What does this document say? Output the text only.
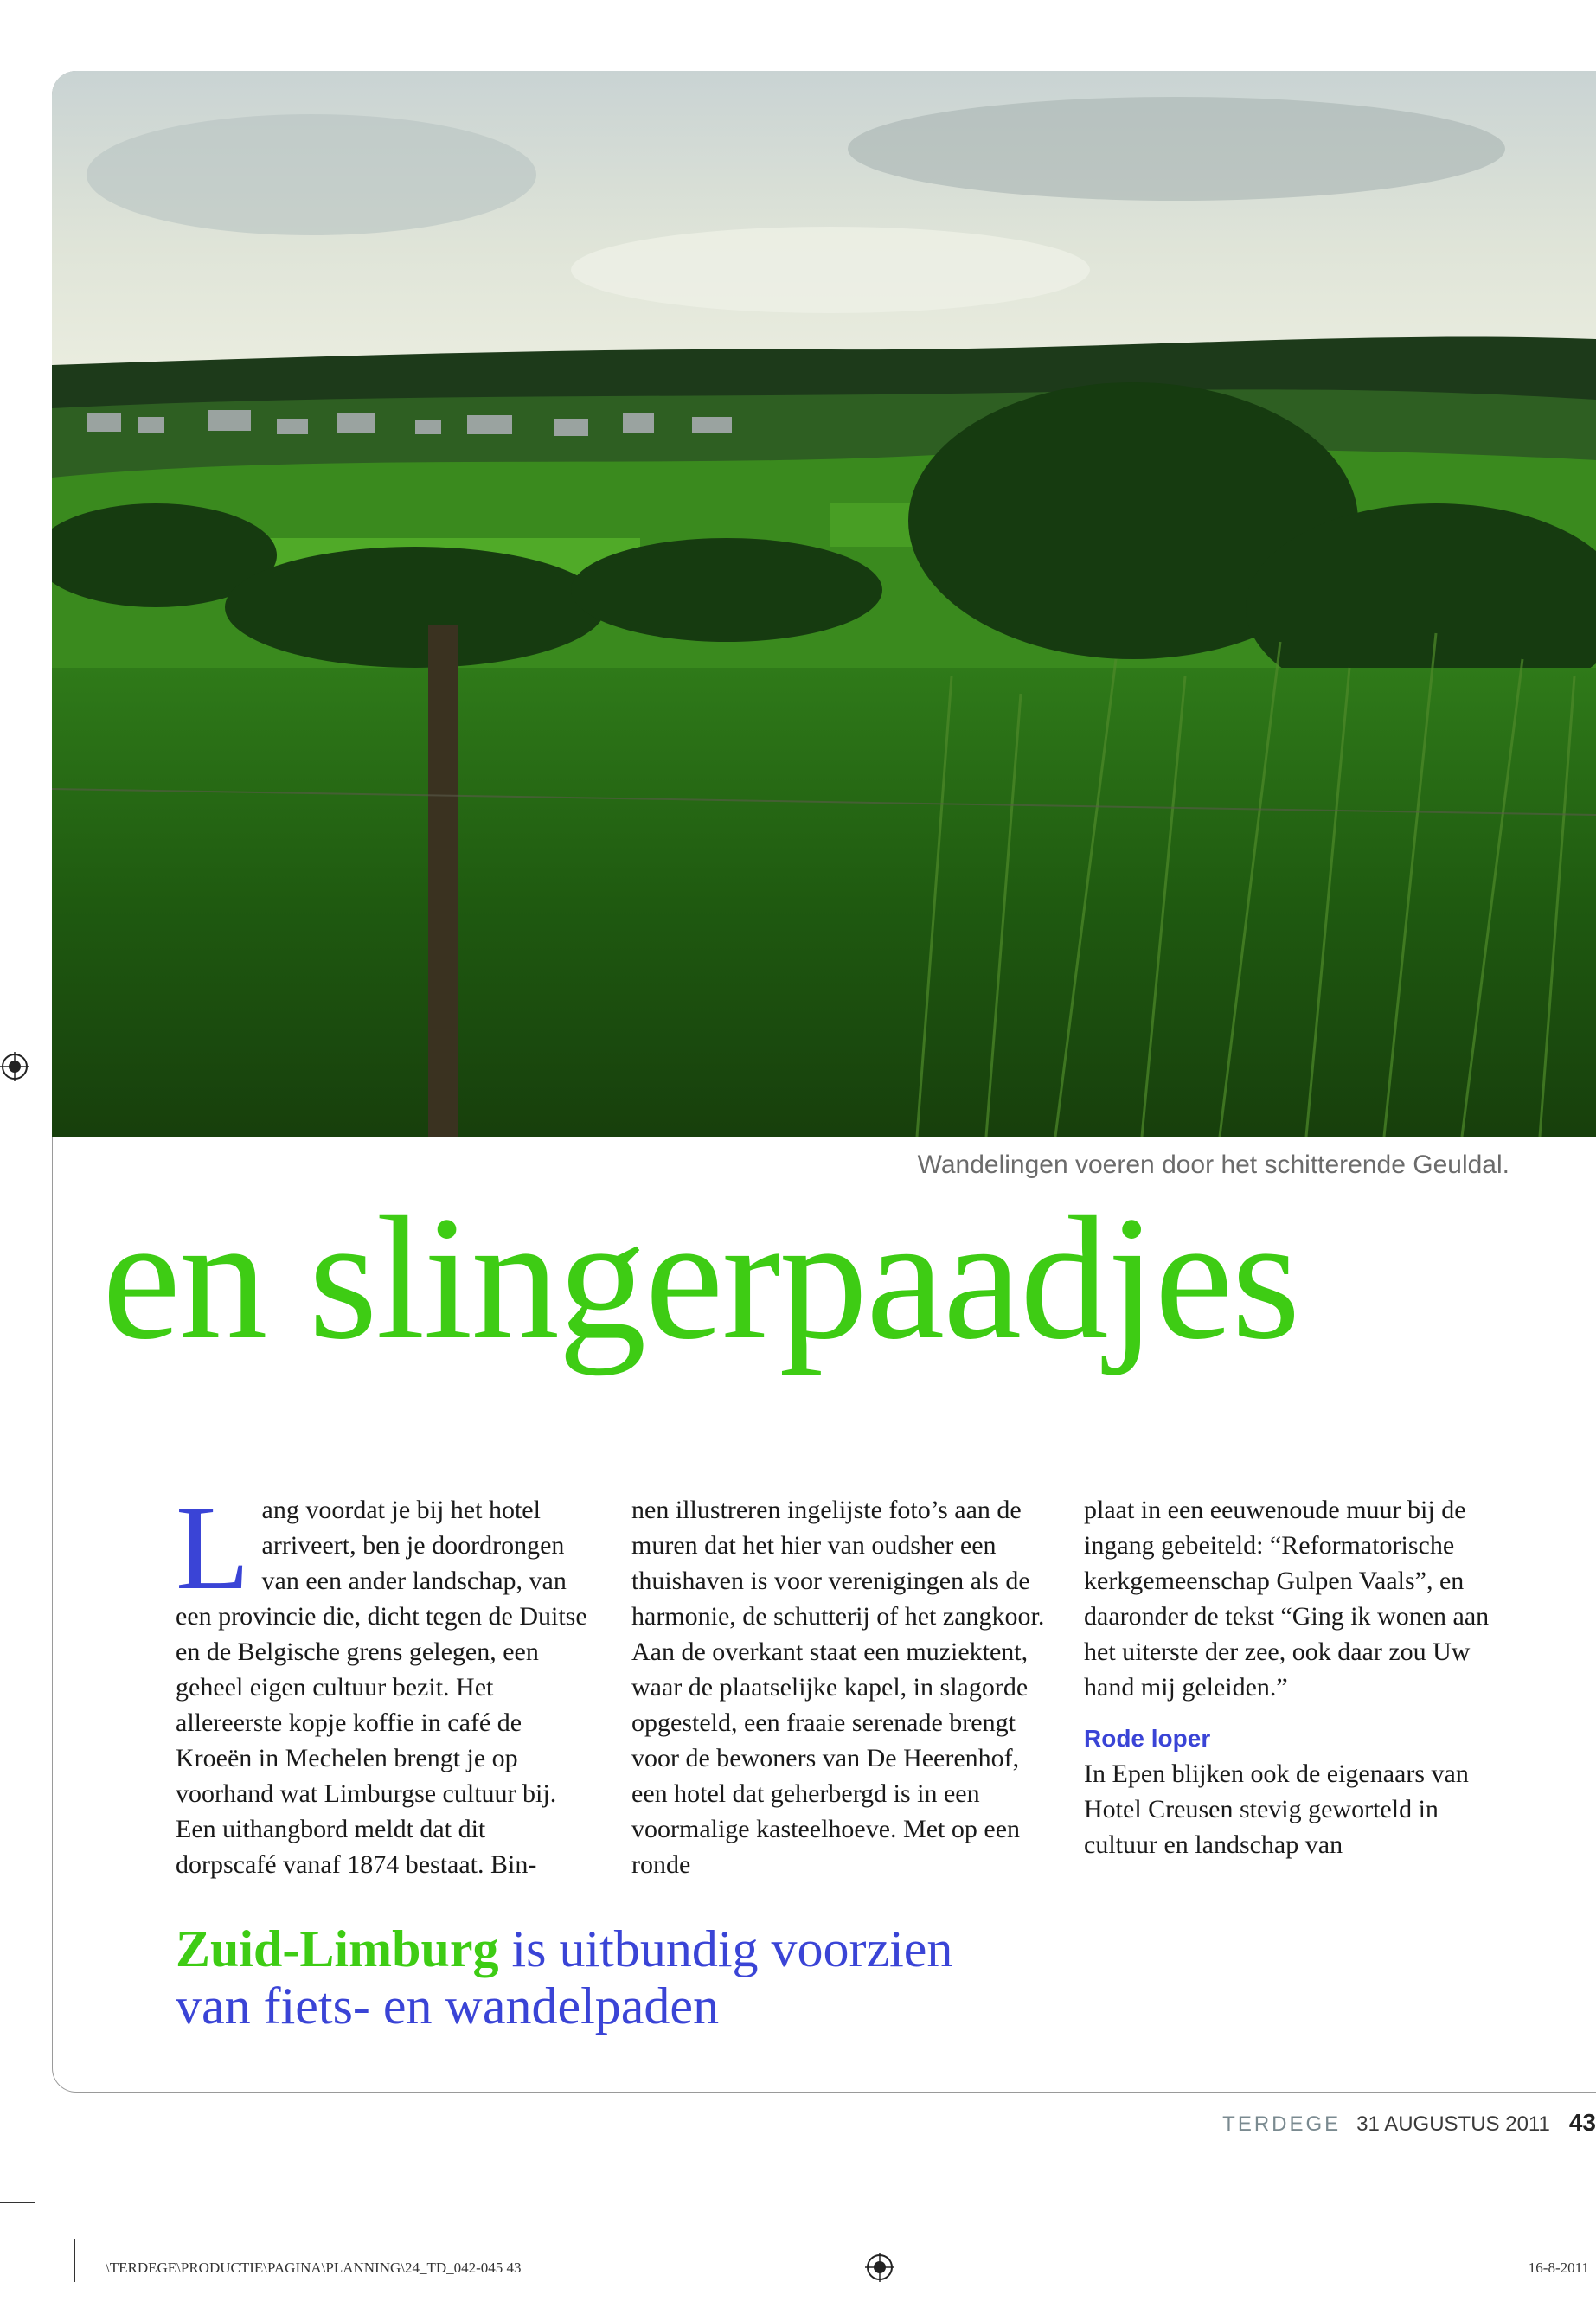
Wandelingen voeren door het schitterende Geuldal.
en slingerpaadjes
L ang voordat je bij het hotel arriveert, ben je doordrongen van een ander landschap, van een provincie die, dicht tegen de Duitse en de Belgische grens gelegen, een geheel eigen cultuur bezit. Het allereerste kopje koffie in café de Kroeën in Mechelen brengt je op voorhand wat Limburgse cultuur bij. Een uithangbord meldt dat dit dorpscafé vanaf 1874 bestaat. Bin-

nen illustreren ingelijste foto’s aan de muren dat het hier van oudsher een thuishaven is voor verenigingen als de harmonie, de schutterij of het zangkoor. Aan de overkant staat een muziektent, waar de plaatselijke kapel, in slagorde opgesteld, een fraaie serenade brengt voor de bewoners van De Heerenhof, een hotel dat geherbergd is in een voormalige kasteelhoeve. Met op een ronde

plaat in een eeuwenoude muur bij de ingang gebeiteld: “Reformatorische kerkgemeenschap Gulpen Vaals”, en daaronder de tekst “Ging ik wonen aan het uiterste der zee, ook daar zou Uw hand mij geleiden.”

Rode loper

In Epen blijken ook de eigenaars van Hotel Creusen stevig geworteld in cultuur en landschap van

Zuid-Limburg is uitbundig voorzien
van fiets- en wandelpaden
TERDEGE 31 AUGUSTUS 2011 43
\TERDEGE\PRODUCTIE\PAGINA\PLANNING\24_TD_042-045 43	16-8-2011
